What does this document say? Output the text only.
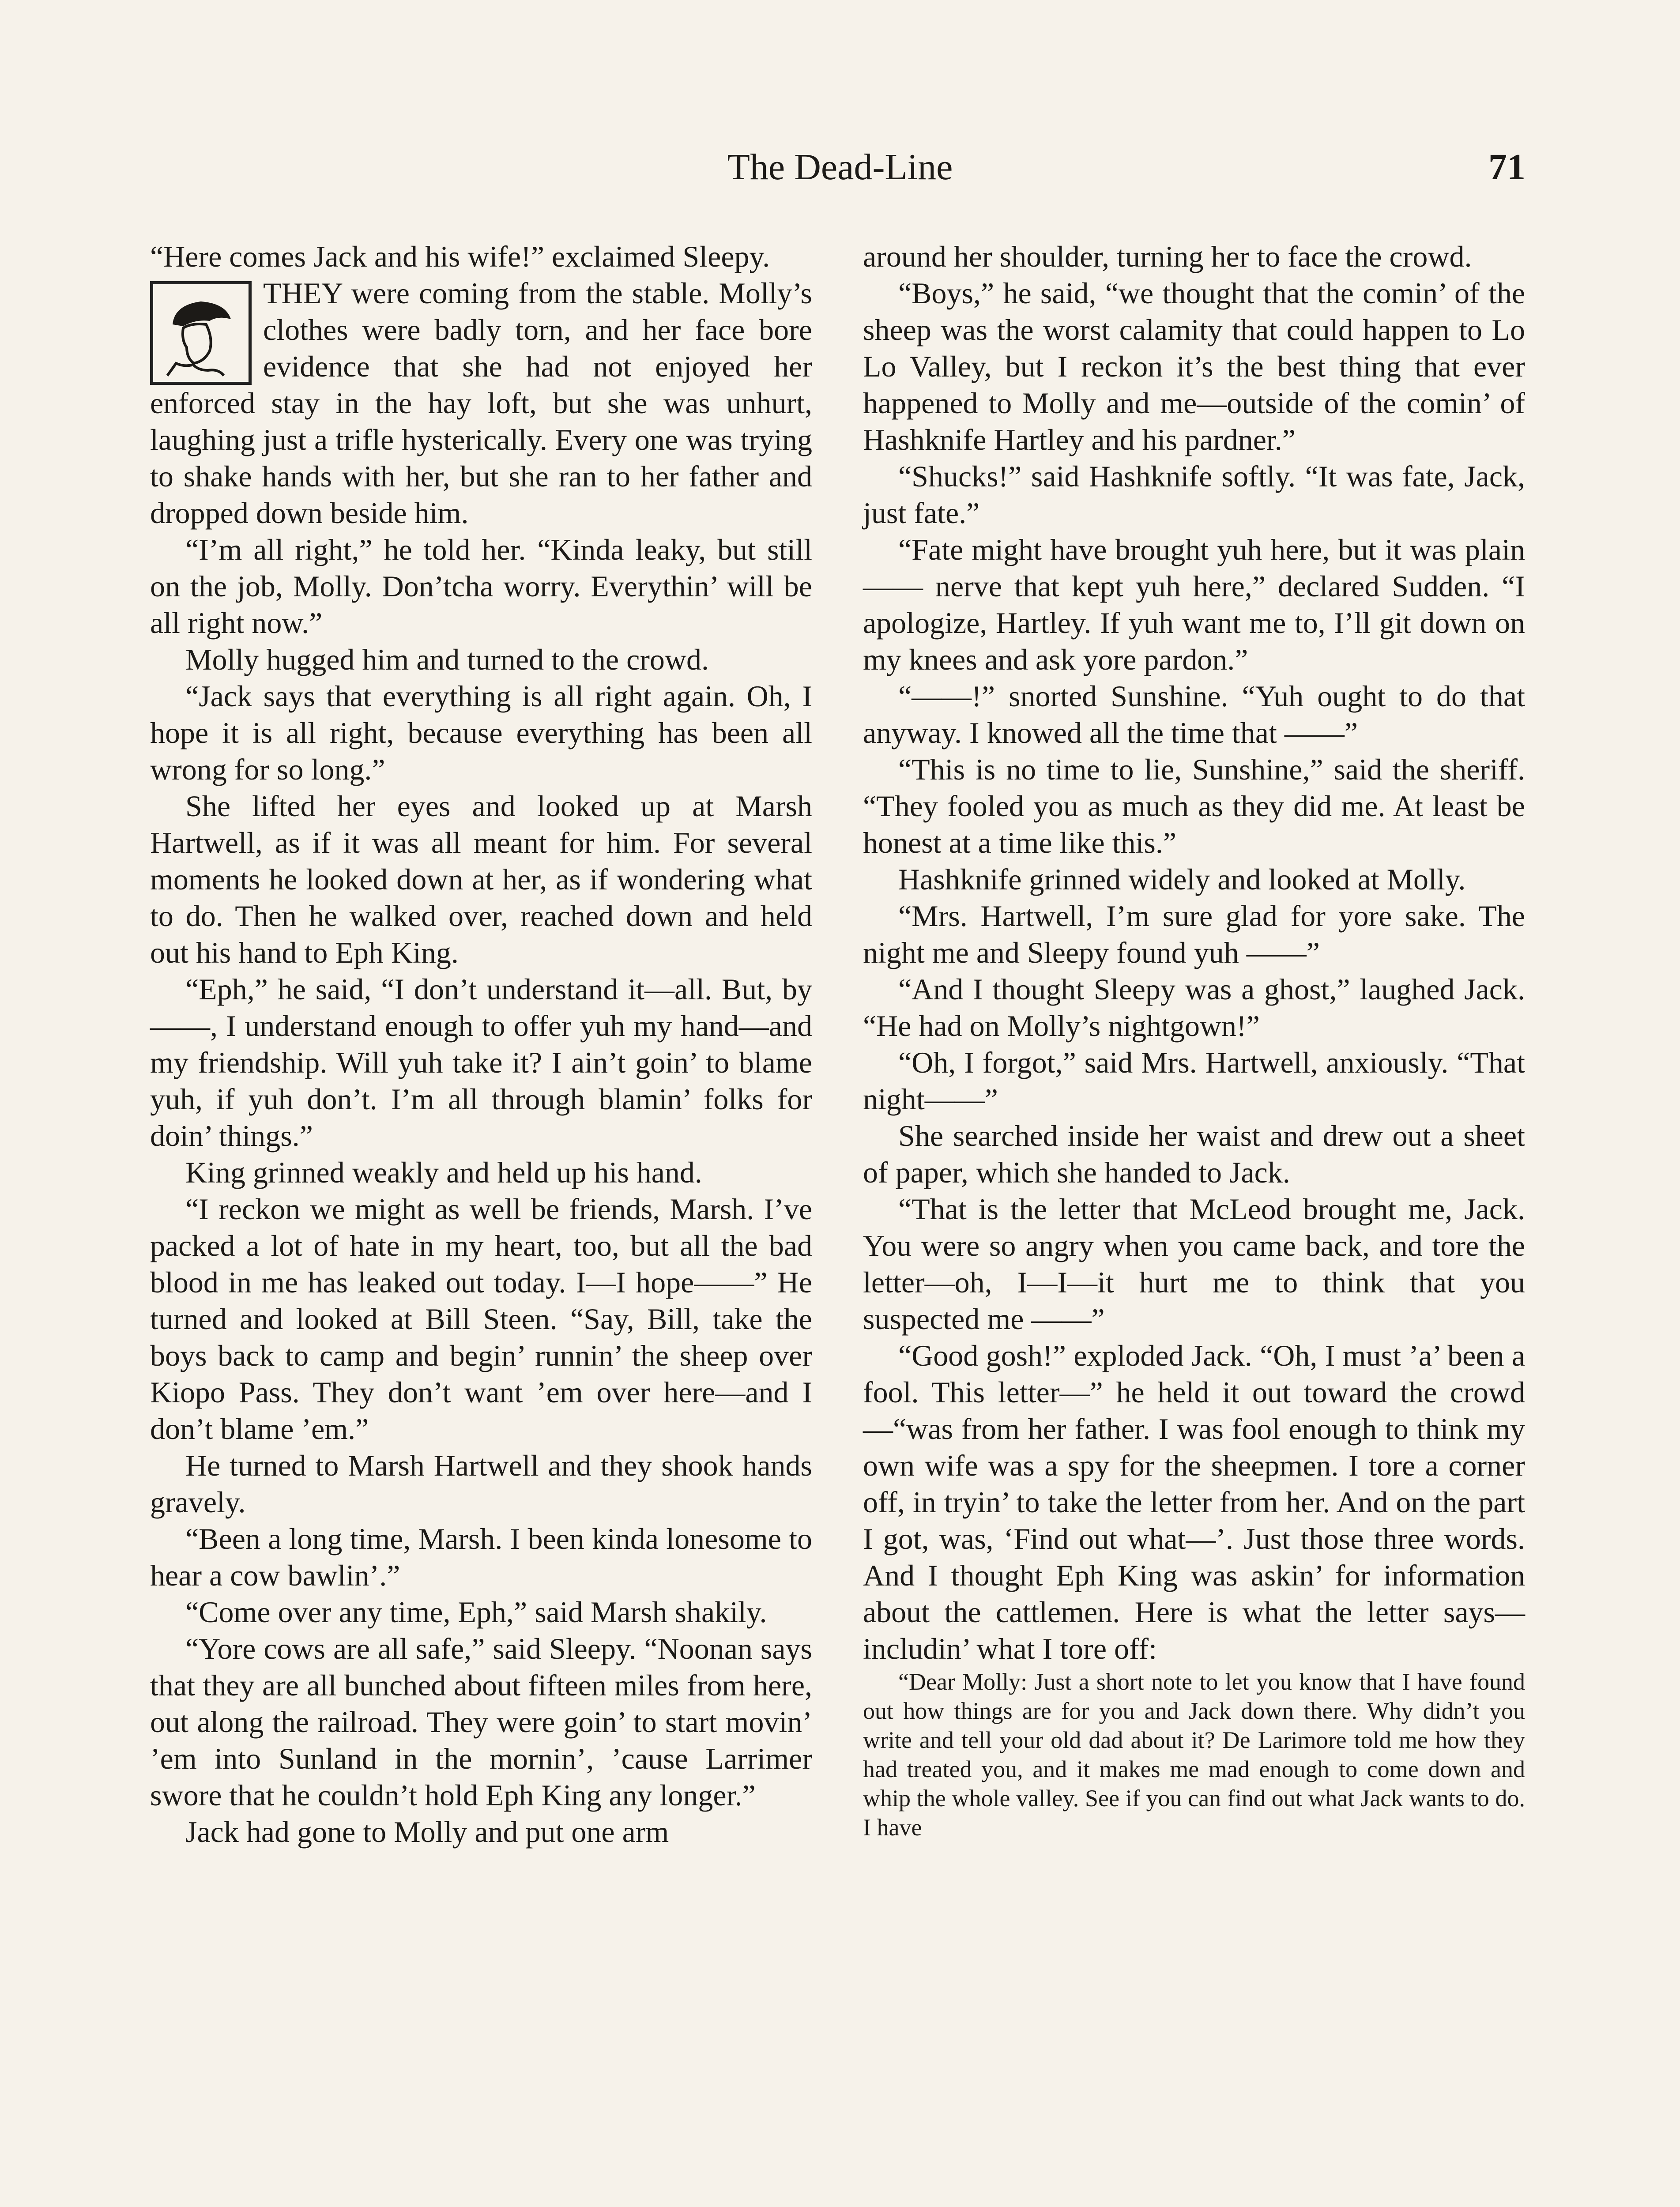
The Dead-Line	71

“Here comes Jack and his wife!” exclaimed Sleepy.

THEY were coming from the stable. Molly’s clothes were badly torn, and her face bore evidence that she had not enjoyed her enforced stay in the hay loft, but she was unhurt, laughing just a trifle hysterically. Every one was trying to shake hands with her, but she ran to her father and dropped down beside him.

“I’m all right,” he told her. “Kinda leaky, but still on the job, Molly. Don’tcha worry. Everythin’ will be all right now.”

Molly hugged him and turned to the crowd.

“Jack says that everything is all right again. Oh, I hope it is all right, because everything has been all wrong for so long.”

She lifted her eyes and looked up at Marsh Hartwell, as if it was all meant for him. For several moments he looked down at her, as if wondering what to do. Then he walked over, reached down and held out his hand to Eph King.

“Eph,” he said, “I don’t understand it—all. But, by ——, I understand enough to offer yuh my hand—and my friendship. Will yuh take it? I ain’t goin’ to blame yuh, if yuh don’t. I’m all through blamin’ folks for doin’ things.”

King grinned weakly and held up his hand.

“I reckon we might as well be friends, Marsh. I’ve packed a lot of hate in my heart, too, but all the bad blood in me has leaked out today. I—I hope——” He turned and looked at Bill Steen. “Say, Bill, take the boys back to camp and begin’ runnin’ the sheep over Kiopo Pass. They don’t want ’em over here—and I don’t blame ’em.”

He turned to Marsh Hartwell and they shook hands gravely.

“Been a long time, Marsh. I been kinda lonesome to hear a cow bawlin’.”

“Come over any time, Eph,” said Marsh shakily.

“Yore cows are all safe,” said Sleepy. “Noonan says that they are all bunched about fifteen miles from here, out along the railroad. They were goin’ to start movin’ ’em into Sunland in the mornin’, ’cause Larrimer swore that he couldn’t hold Eph King any longer.”

Jack had gone to Molly and put one arm

around her shoulder, turning her to face the crowd.

“Boys,” he said, “we thought that the comin’ of the sheep was the worst calamity that could happen to Lo Lo Valley, but I reckon it’s the best thing that ever happened to Molly and me—outside of the comin’ of Hashknife Hartley and his pardner.”

“Shucks!” said Hashknife softly. “It was fate, Jack, just fate.”

“Fate might have brought yuh here, but it was plain —— nerve that kept yuh here,” declared Sudden. “I apologize, Hartley. If yuh want me to, I’ll git down on my knees and ask yore pardon.”

“——!” snorted Sunshine. “Yuh ought to do that anyway. I knowed all the time that ——”

“This is no time to lie, Sunshine,” said the sheriff. “They fooled you as much as they did me. At least be honest at a time like this.”

Hashknife grinned widely and looked at Molly.

“Mrs. Hartwell, I’m sure glad for yore sake. The night me and Sleepy found yuh ——”

“And I thought Sleepy was a ghost,” laughed Jack. “He had on Molly’s nightgown!”

“Oh, I forgot,” said Mrs. Hartwell, anxiously. “That night——”

She searched inside her waist and drew out a sheet of paper, which she handed to Jack.

“That is the letter that McLeod brought me, Jack. You were so angry when you came back, and tore the letter—oh, I—I—it hurt me to think that you suspected me ——”

“Good gosh!” exploded Jack. “Oh, I must ’a’ been a fool. This letter—” he held it out toward the crowd—“was from her father. I was fool enough to think my own wife was a spy for the sheepmen. I tore a corner off, in tryin’ to take the letter from her. And on the part I got, was, ‘Find out what—’. Just those three words. And I thought Eph King was askin’ for information about the cattlemen. Here is what the letter says—includin’ what I tore off:

“Dear Molly: Just a short note to let you know that I have found out how things are for you and Jack down there. Why didn’t you write and tell your old dad about it? De Larimore told me how they had treated you, and it makes me mad enough to come down and whip the whole valley. See if you can find out what Jack wants to do. I have
